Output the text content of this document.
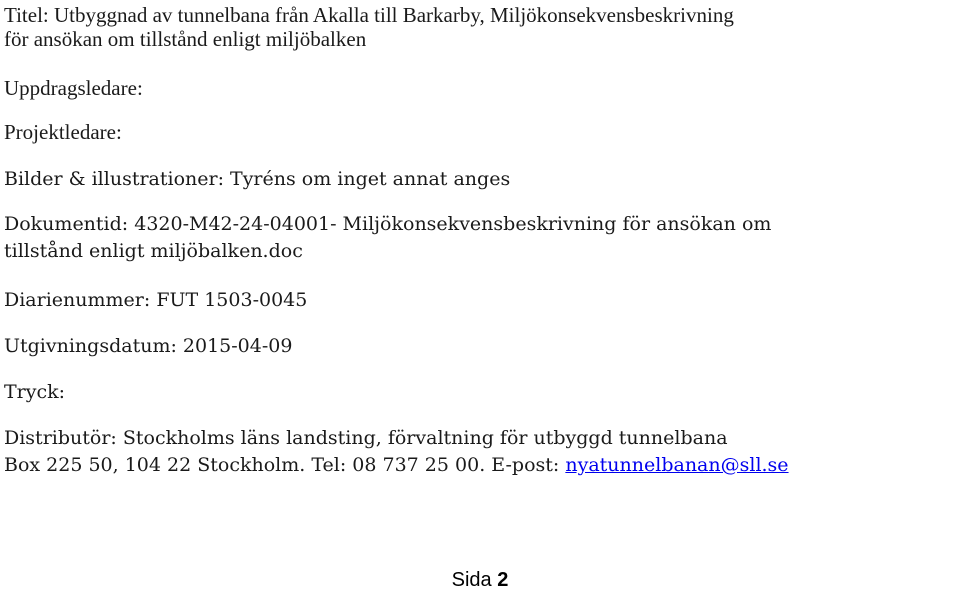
Titel: Utbyggnad av tunnelbana från Akalla till Barkarby, Miljökonsekvensbeskrivning
för ansökan om tillstånd enligt miljöbalken

Uppdragsledare:

Projektledare:

Bilder & illustrationer: Tyréns om inget annat anges

Dokumentid: 4320-M42-24-04001- Miljökonsekvensbeskrivning för ansökan om
tillstånd enligt miljöbalken.doc

Diarienummer: FUT 1503-0045

Utgivningsdatum: 2015-04-09

Tryck:

Distributör: Stockholms läns landsting, förvaltning för utbyggd tunnelbana
Box 225 50, 104 22 Stockholm. Tel: 08 737 25 00. E-post: nyatunnelbanan@sll.se

Sida 2
